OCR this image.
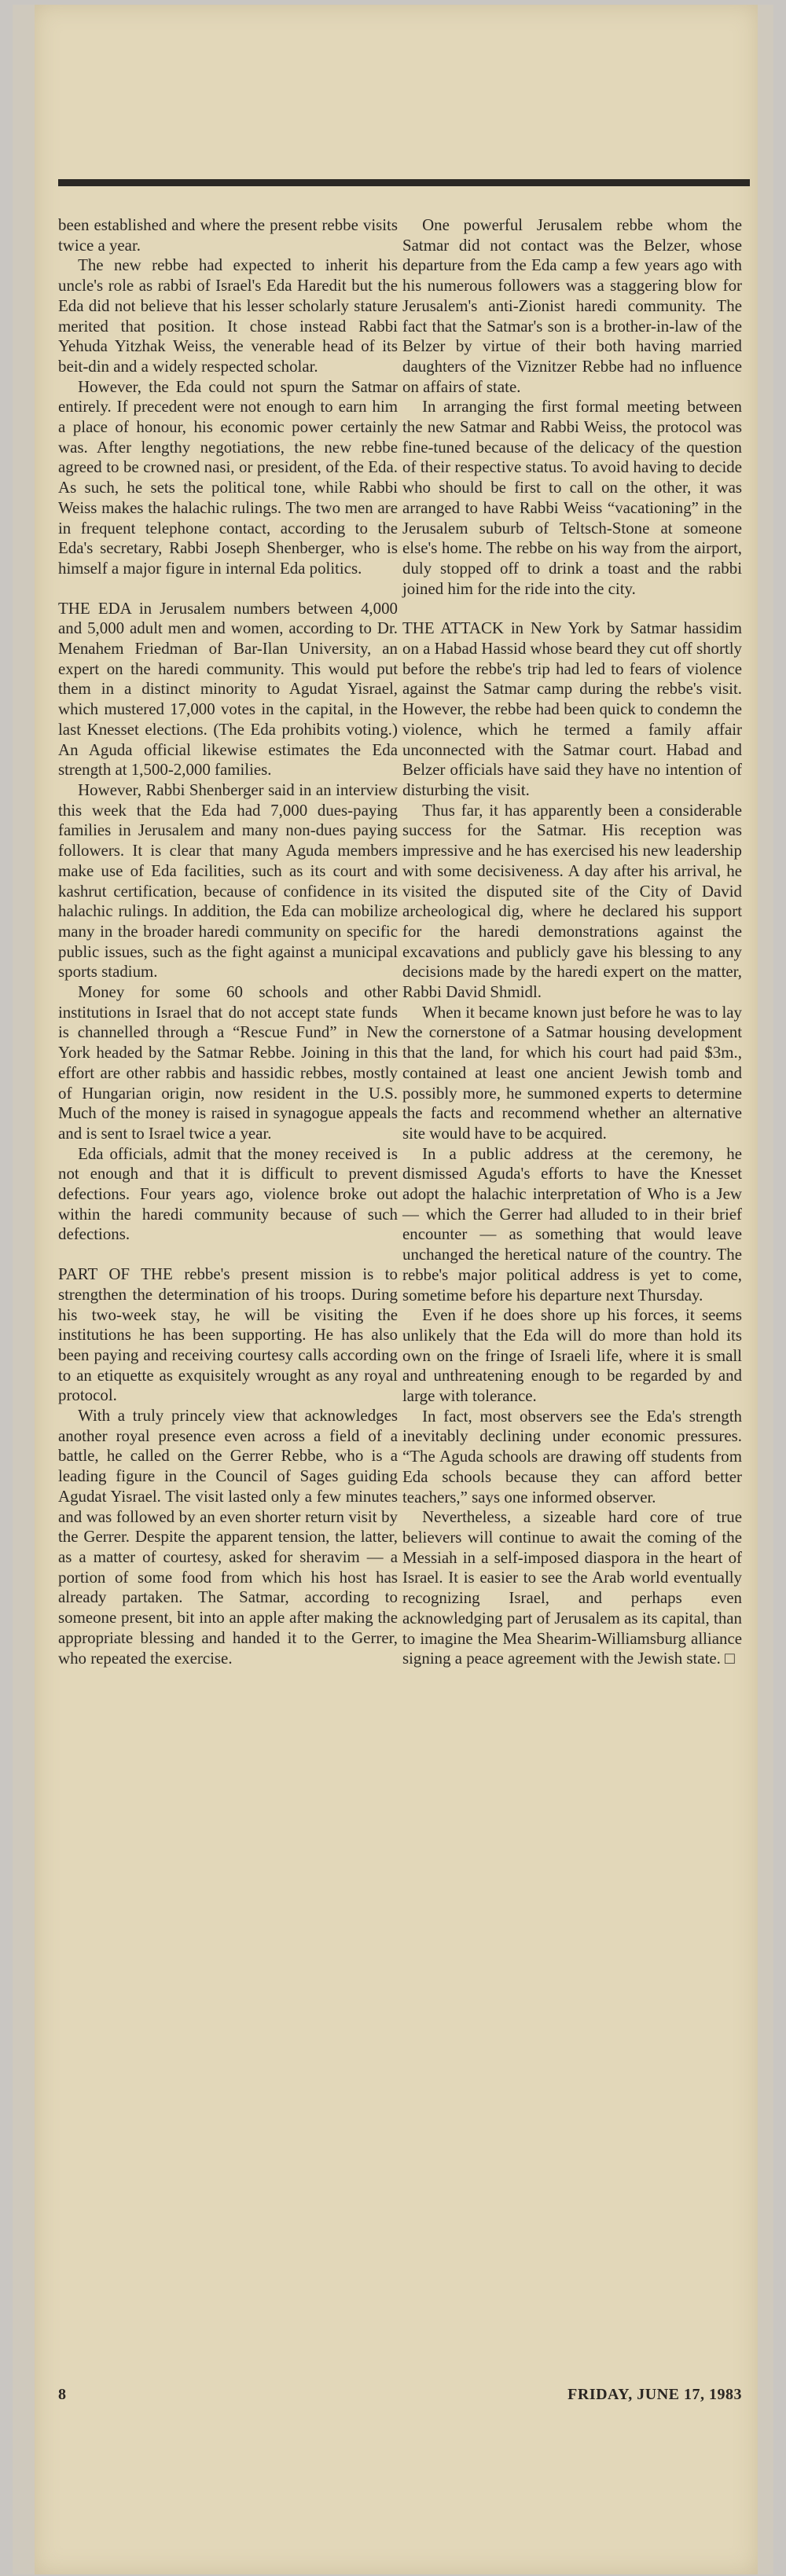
been established and where the present rebbe visits twice a year.

The new rebbe had expected to inherit his uncle's role as rabbi of Israel's Eda Haredit but the Eda did not believe that his lesser scholarly stature merited that position. It chose instead Rabbi Yehuda Yitzhak Weiss, the venerable head of its beit-din and a widely respected scholar.

However, the Eda could not spurn the Satmar entirely. If precedent were not enough to earn him a place of honour, his economic power certainly was. After lengthy negotiations, the new rebbe agreed to be crowned nasi, or president, of the Eda. As such, he sets the political tone, while Rabbi Weiss makes the halachic rulings. The two men are in frequent telephone contact, according to the Eda's secretary, Rabbi Joseph Shenberger, who is himself a major figure in internal Eda politics.

THE EDA in Jerusalem numbers between 4,000 and 5,000 adult men and women, according to Dr. Menahem Friedman of Bar-Ilan University, an expert on the haredi community. This would put them in a distinct minority to Agudat Yisrael, which mustered 17,000 votes in the capital, in the last Knesset elections. (The Eda prohibits voting.) An Aguda official likewise estimates the Eda strength at 1,500-2,000 families.

However, Rabbi Shenberger said in an interview this week that the Eda had 7,000 dues-paying families in Jerusalem and many non-dues paying followers. It is clear that many Aguda members make use of Eda facilities, such as its court and kashrut certification, because of confidence in its halachic rulings. In addition, the Eda can mobilize many in the broader haredi community on specific public issues, such as the fight against a municipal sports stadium.

Money for some 60 schools and other institutions in Israel that do not accept state funds is channelled through a “Rescue Fund” in New York headed by the Satmar Rebbe. Joining in this effort are other rabbis and hassidic rebbes, mostly of Hungarian origin, now resident in the U.S. Much of the money is raised in synagogue appeals and is sent to Israel twice a year.

Eda officials, admit that the money received is not enough and that it is difficult to prevent defections. Four years ago, violence broke out within the haredi community because of such defections.

PART OF THE rebbe's present mission is to strengthen the determination of his troops. During his two-week stay, he will be visiting the institutions he has been supporting. He has also been paying and receiving courtesy calls according to an etiquette as exquisitely wrought as any royal protocol.

With a truly princely view that acknowledges another royal presence even across a field of a battle, he called on the Gerrer Rebbe, who is a leading figure in the Council of Sages guiding Agudat Yisrael. The visit lasted only a few minutes and was followed by an even shorter return visit by the Gerrer. Despite the apparent tension, the latter, as a matter of courtesy, asked for sheravim — a portion of some food from which his host has already partaken. The Satmar, according to someone present, bit into an apple after making the appropriate blessing and handed it to the Gerrer, who repeated the exercise.

One powerful Jerusalem rebbe whom the Satmar did not contact was the Belzer, whose departure from the Eda camp a few years ago with his numerous followers was a staggering blow for Jerusalem's anti-Zionist haredi community. The fact that the Satmar's son is a brother-in-law of the Belzer by virtue of their both having married daughters of the Viznitzer Rebbe had no influence on affairs of state.

In arranging the first formal meeting between the new Satmar and Rabbi Weiss, the protocol was fine-tuned because of the delicacy of the question of their respective status. To avoid having to decide who should be first to call on the other, it was arranged to have Rabbi Weiss “vacationing” in the Jerusalem suburb of Teltsch-Stone at someone else's home. The rebbe on his way from the airport, duly stopped off to drink a toast and the rabbi joined him for the ride into the city.

THE ATTACK in New York by Satmar hassidim on a Habad Hassid whose beard they cut off shortly before the rebbe's trip had led to fears of violence against the Satmar camp during the rebbe's visit. However, the rebbe had been quick to condemn the violence, which he termed a family affair unconnected with the Satmar court. Habad and Belzer officials have said they have no intention of disturbing the visit.

Thus far, it has apparently been a considerable success for the Satmar. His reception was impressive and he has exercised his new leadership with some decisiveness. A day after his arrival, he visited the disputed site of the City of David archeological dig, where he declared his support for the haredi demonstrations against the excavations and publicly gave his blessing to any decisions made by the haredi expert on the matter, Rabbi David Shmidl.

When it became known just before he was to lay the cornerstone of a Satmar housing development that the land, for which his court had paid $3m., contained at least one ancient Jewish tomb and possibly more, he summoned experts to determine the facts and recommend whether an alternative site would have to be acquired.

In a public address at the ceremony, he dismissed Aguda's efforts to have the Knesset adopt the halachic interpretation of Who is a Jew — which the Gerrer had alluded to in their brief encounter — as something that would leave unchanged the heretical nature of the country. The rebbe's major political address is yet to come, sometime before his departure next Thursday.

Even if he does shore up his forces, it seems unlikely that the Eda will do more than hold its own on the fringe of Israeli life, where it is small and unthreatening enough to be regarded by and large with tolerance.

In fact, most observers see the Eda's strength inevitably declining under economic pressures. “The Aguda schools are drawing off students from Eda schools because they can afford better teachers,” says one informed observer.

Nevertheless, a sizeable hard core of true believers will continue to await the coming of the Messiah in a self-imposed diaspora in the heart of Israel. It is easier to see the Arab world eventually recognizing Israel, and perhaps even acknowledging part of Jerusalem as its capital, than to imagine the Mea Shearim-Williamsburg alliance signing a peace agreement with the Jewish state. □

8	FRIDAY, JUNE 17, 1983
